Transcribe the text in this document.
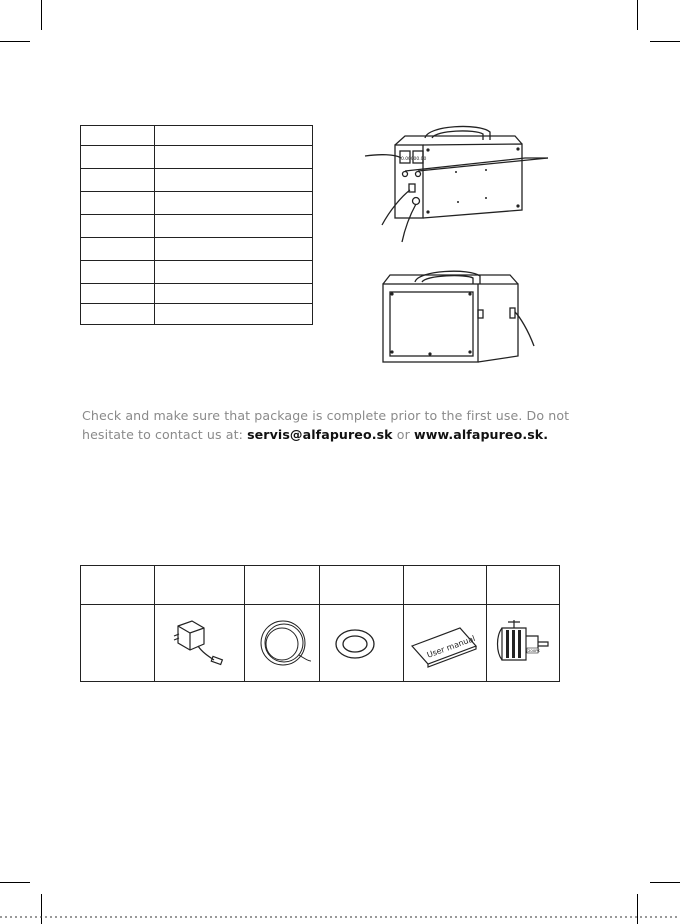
0.000 00.00
Check and make sure that package is complete prior to the first use. Do not
hesitate to contact us at: servis@alfapureo.sk or www.alfapureo.sk.
User manual	200PK
